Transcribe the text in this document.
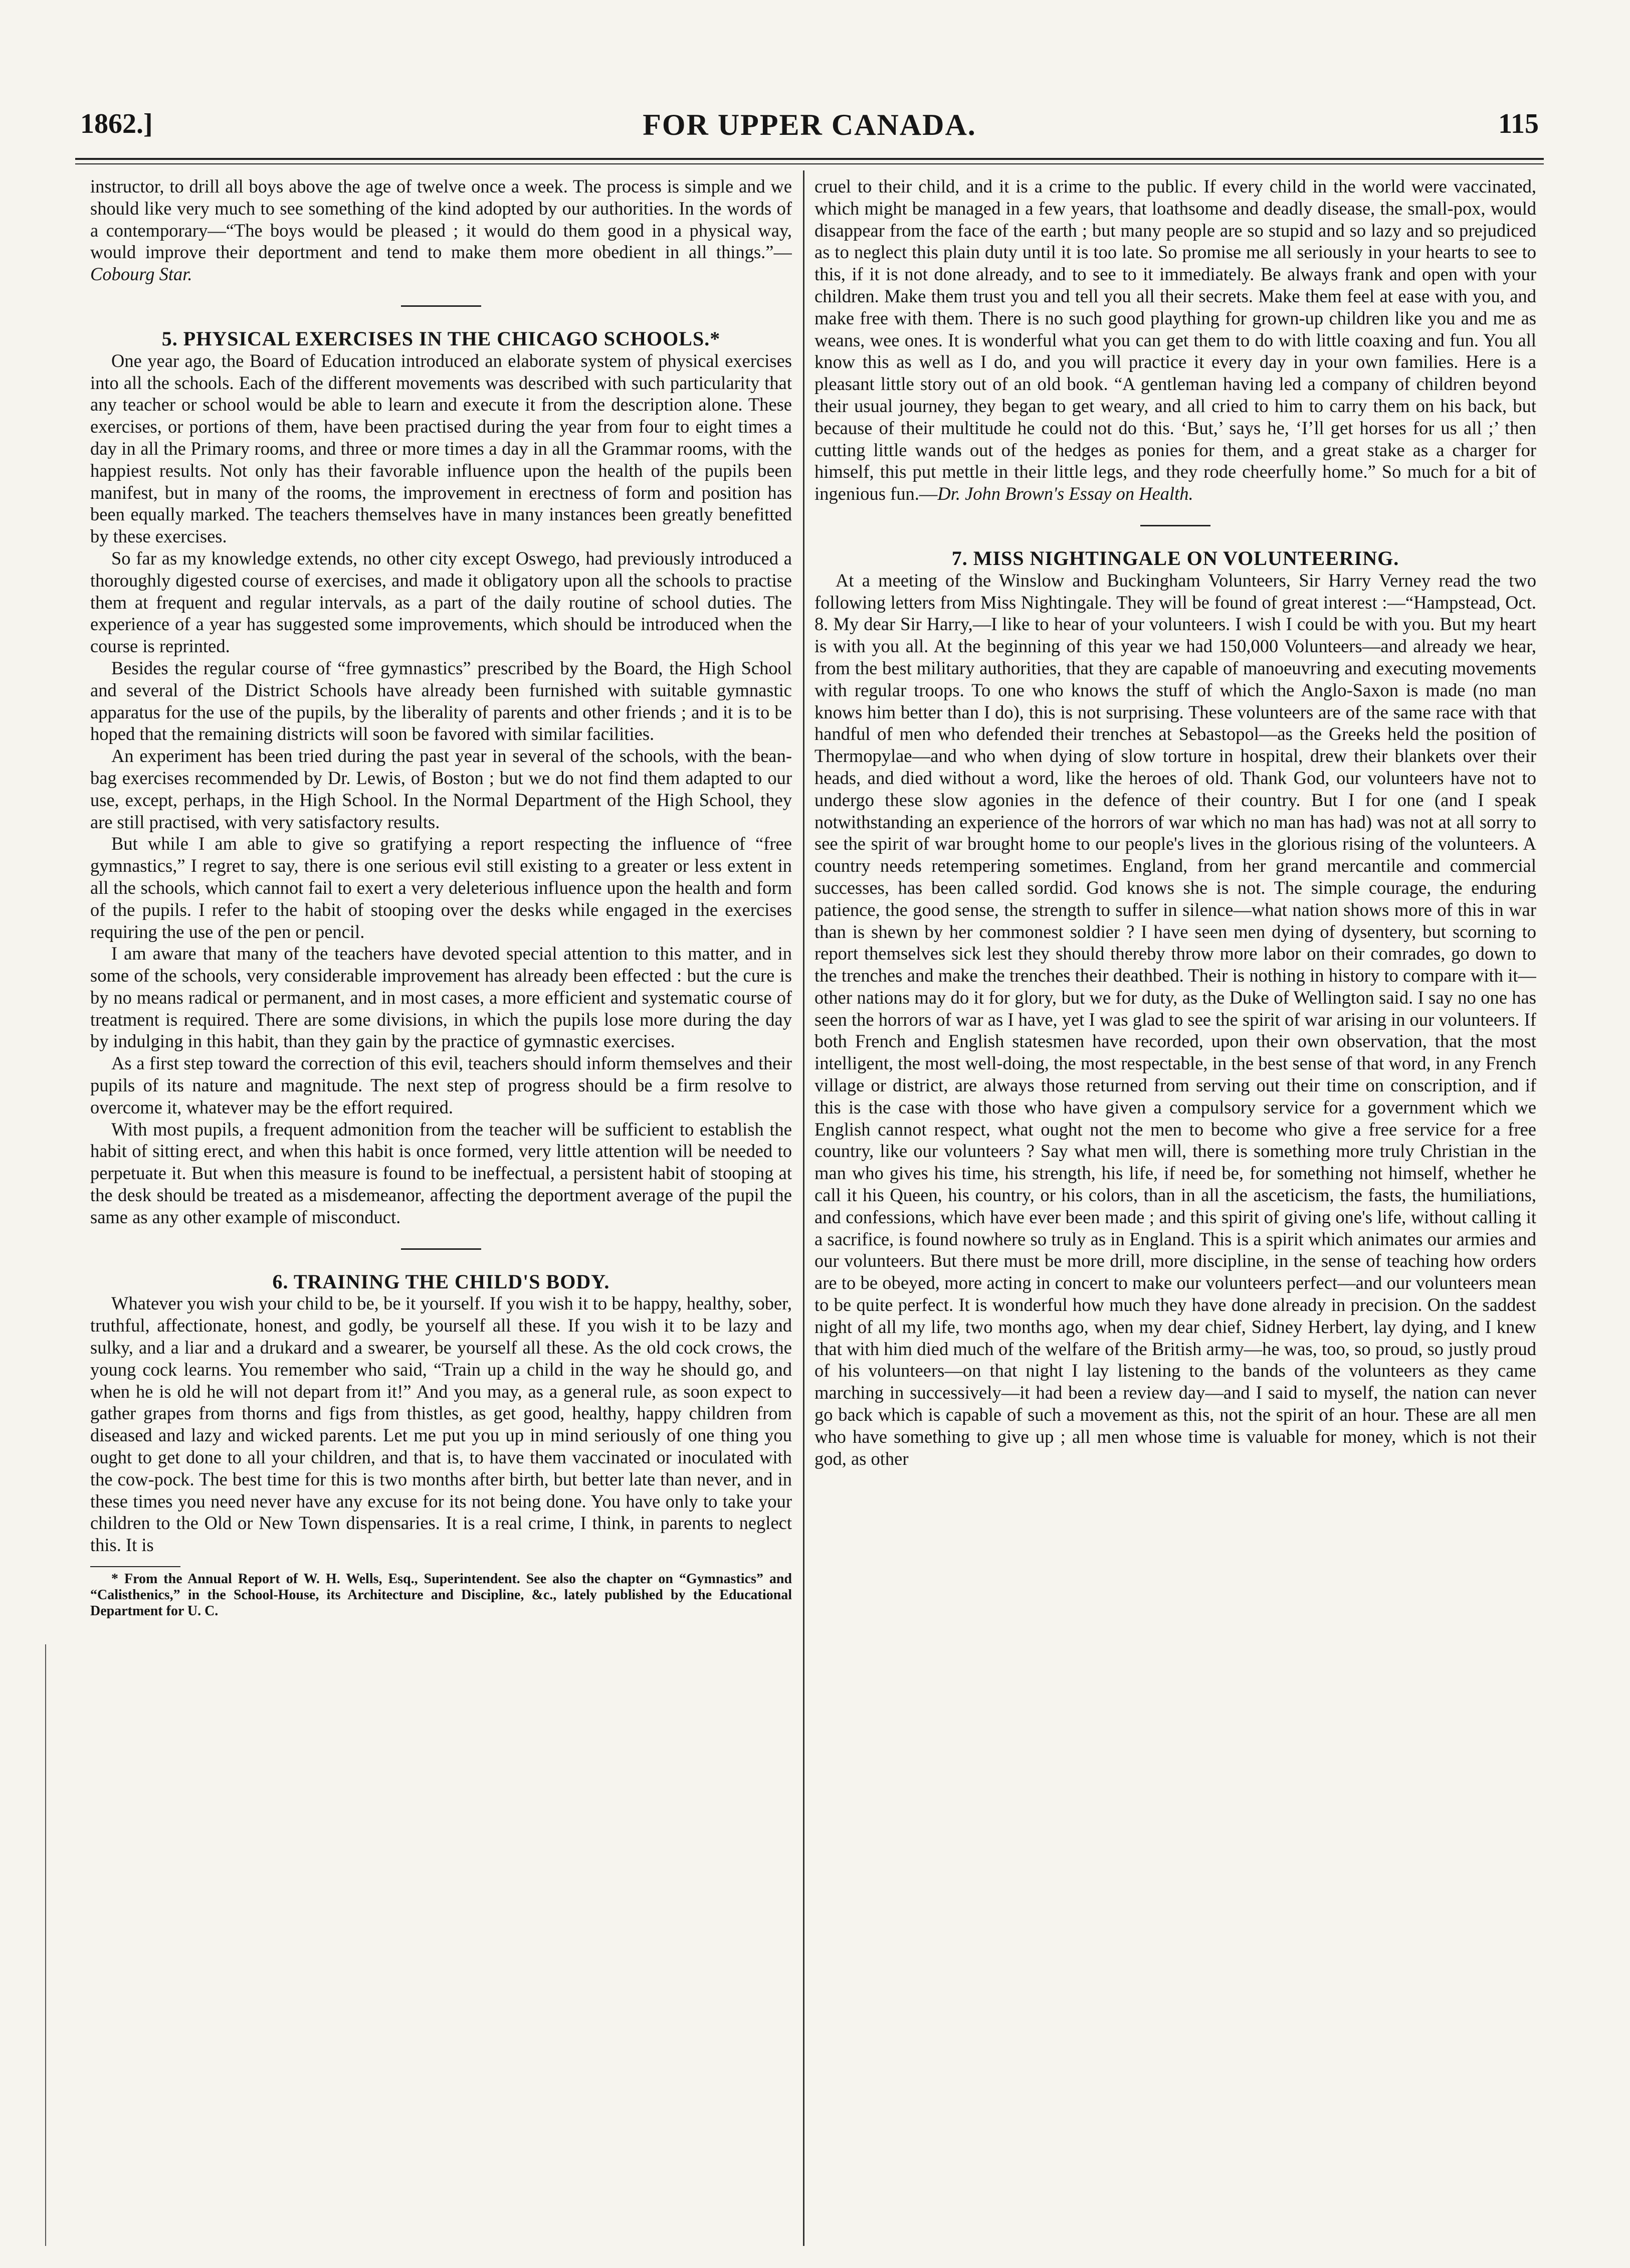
1862.]	FOR UPPER CANADA.	115

instructor, to drill all boys above the age of twelve once a week. The process is simple and we should like very much to see something of the kind adopted by our authorities. In the words of a contemporary—“The boys would be pleased ; it would do them good in a physical way, would improve their deportment and tend to make them more obedient in all things.”—Cobourg Star.

5. PHYSICAL EXERCISES IN THE CHICAGO SCHOOLS.*

One year ago, the Board of Education introduced an elaborate system of physical exercises into all the schools. Each of the different movements was described with such particularity that any teacher or school would be able to learn and execute it from the description alone. These exercises, or portions of them, have been practised during the year from four to eight times a day in all the Primary rooms, and three or more times a day in all the Grammar rooms, with the happiest results. Not only has their favorable influence upon the health of the pupils been manifest, but in many of the rooms, the improvement in erectness of form and position has been equally marked. The teachers themselves have in many instances been greatly benefitted by these exercises.

So far as my knowledge extends, no other city except Oswego, had previously introduced a thoroughly digested course of exercises, and made it obligatory upon all the schools to practise them at frequent and regular intervals, as a part of the daily routine of school duties. The experience of a year has suggested some improvements, which should be introduced when the course is reprinted.

Besides the regular course of “free gymnastics” prescribed by the Board, the High School and several of the District Schools have already been furnished with suitable gymnastic apparatus for the use of the pupils, by the liberality of parents and other friends ; and it is to be hoped that the remaining districts will soon be favored with similar facilities.

An experiment has been tried during the past year in several of the schools, with the bean-bag exercises recommended by Dr. Lewis, of Boston ; but we do not find them adapted to our use, except, perhaps, in the High School. In the Normal Department of the High School, they are still practised, with very satisfactory results.

But while I am able to give so gratifying a report respecting the influence of “free gymnastics,” I regret to say, there is one serious evil still existing to a greater or less extent in all the schools, which cannot fail to exert a very deleterious influence upon the health and form of the pupils. I refer to the habit of stooping over the desks while engaged in the exercises requiring the use of the pen or pencil.

I am aware that many of the teachers have devoted special attention to this matter, and in some of the schools, very considerable improvement has already been effected : but the cure is by no means radical or permanent, and in most cases, a more efficient and systematic course of treatment is required. There are some divisions, in which the pupils lose more during the day by indulging in this habit, than they gain by the practice of gymnastic exercises.

As a first step toward the correction of this evil, teachers should inform themselves and their pupils of its nature and magnitude. The next step of progress should be a firm resolve to overcome it, whatever may be the effort required.

With most pupils, a frequent admonition from the teacher will be sufficient to establish the habit of sitting erect, and when this habit is once formed, very little attention will be needed to perpetuate it. But when this measure is found to be ineffectual, a persistent habit of stooping at the desk should be treated as a misdemeanor, affecting the deportment average of the pupil the same as any other example of misconduct.

6. TRAINING THE CHILD'S BODY.

Whatever you wish your child to be, be it yourself. If you wish it to be happy, healthy, sober, truthful, affectionate, honest, and godly, be yourself all these. If you wish it to be lazy and sulky, and a liar and a drukard and a swearer, be yourself all these. As the old cock crows, the young cock learns. You remember who said, “Train up a child in the way he should go, and when he is old he will not depart from it!” And you may, as a general rule, as soon expect to gather grapes from thorns and figs from thistles, as get good, healthy, happy children from diseased and lazy and wicked parents. Let me put you up in mind seriously of one thing you ought to get done to all your children, and that is, to have them vaccinated or inoculated with the cow-pock. The best time for this is two months after birth, but better late than never, and in these times you need never have any excuse for its not being done. You have only to take your children to the Old or New Town dispensaries. It is a real crime, I think, in parents to neglect this. It is

* From the Annual Report of W. H. Wells, Esq., Superintendent. See also the chapter on “Gymnastics” and “Calisthenics,” in the School-House, its Architecture and Discipline, &c., lately published by the Educational Department for U. C.

cruel to their child, and it is a crime to the public. If every child in the world were vaccinated, which might be managed in a few years, that loathsome and deadly disease, the small-pox, would disappear from the face of the earth ; but many people are so stupid and so lazy and so prejudiced as to neglect this plain duty until it is too late. So promise me all seriously in your hearts to see to this, if it is not done already, and to see to it immediately. Be always frank and open with your children. Make them trust you and tell you all their secrets. Make them feel at ease with you, and make free with them. There is no such good plaything for grown-up children like you and me as weans, wee ones. It is wonderful what you can get them to do with little coaxing and fun. You all know this as well as I do, and you will practice it every day in your own families. Here is a pleasant little story out of an old book. “A gentleman having led a company of children beyond their usual journey, they began to get weary, and all cried to him to carry them on his back, but because of their multitude he could not do this. ‘But,’ says he, ‘I’ll get horses for us all ;’ then cutting little wands out of the hedges as ponies for them, and a great stake as a charger for himself, this put mettle in their little legs, and they rode cheerfully home.” So much for a bit of ingenious fun.—Dr. John Brown's Essay on Health.

7. MISS NIGHTINGALE ON VOLUNTEERING.

At a meeting of the Winslow and Buckingham Volunteers, Sir Harry Verney read the two following letters from Miss Nightingale. They will be found of great interest :—“Hampstead, Oct. 8. My dear Sir Harry,—I like to hear of your volunteers. I wish I could be with you. But my heart is with you all. At the beginning of this year we had 150,000 Volunteers—and already we hear, from the best military authorities, that they are capable of manoeuvring and executing movements with regular troops. To one who knows the stuff of which the Anglo-Saxon is made (no man knows him better than I do), this is not surprising. These volunteers are of the same race with that handful of men who defended their trenches at Sebastopol—as the Greeks held the position of Thermopylae—and who when dying of slow torture in hospital, drew their blankets over their heads, and died without a word, like the heroes of old. Thank God, our volunteers have not to undergo these slow agonies in the defence of their country. But I for one (and I speak notwithstanding an experience of the horrors of war which no man has had) was not at all sorry to see the spirit of war brought home to our people's lives in the glorious rising of the volunteers. A country needs retempering sometimes. England, from her grand mercantile and commercial successes, has been called sordid. God knows she is not. The simple courage, the enduring patience, the good sense, the strength to suffer in silence—what nation shows more of this in war than is shewn by her commonest soldier ? I have seen men dying of dysentery, but scorning to report themselves sick lest they should thereby throw more labor on their comrades, go down to the trenches and make the trenches their deathbed. Their is nothing in history to compare with it—other nations may do it for glory, but we for duty, as the Duke of Wellington said. I say no one has seen the horrors of war as I have, yet I was glad to see the spirit of war arising in our volunteers. If both French and English statesmen have recorded, upon their own observation, that the most intelligent, the most well-doing, the most respectable, in the best sense of that word, in any French village or district, are always those returned from serving out their time on conscription, and if this is the case with those who have given a compulsory service for a government which we English cannot respect, what ought not the men to become who give a free service for a free country, like our volunteers ? Say what men will, there is something more truly Christian in the man who gives his time, his strength, his life, if need be, for something not himself, whether he call it his Queen, his country, or his colors, than in all the asceticism, the fasts, the humiliations, and confessions, which have ever been made ; and this spirit of giving one's life, without calling it a sacrifice, is found nowhere so truly as in England. This is a spirit which animates our armies and our volunteers. But there must be more drill, more discipline, in the sense of teaching how orders are to be obeyed, more acting in concert to make our volunteers perfect—and our volunteers mean to be quite perfect. It is wonderful how much they have done already in precision. On the saddest night of all my life, two months ago, when my dear chief, Sidney Herbert, lay dying, and I knew that with him died much of the welfare of the British army—he was, too, so proud, so justly proud of his volunteers—on that night I lay listening to the bands of the volunteers as they came marching in successively—it had been a review day—and I said to myself, the nation can never go back which is capable of such a movement as this, not the spirit of an hour. These are all men who have something to give up ; all men whose time is valuable for money, which is not their god, as other
